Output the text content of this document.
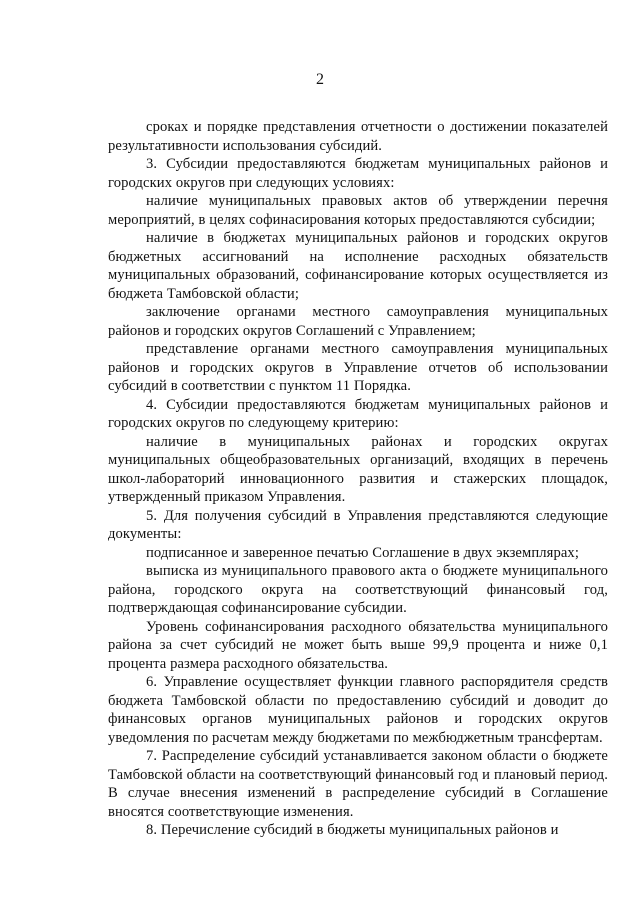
2

сроках и порядке представления отчетности о достижении показателей результативности использования субсидий.

3. Субсидии предоставляются бюджетам муниципальных районов и городских округов при следующих условиях:

наличие муниципальных правовых актов об утверждении перечня мероприятий, в целях софинасирования которых предоставляются субсидии;

наличие в бюджетах муниципальных районов и городских округов бюджетных ассигнований на исполнение расходных обязательств муниципальных образований, софинансирование которых осуществляется из бюджета Тамбовской области;

заключение органами местного самоуправления муниципальных районов и городских округов Соглашений с Управлением;

представление органами местного самоуправления муниципальных районов и городских округов в Управление отчетов об использовании субсидий в соответствии с пунктом 11 Порядка.

4. Субсидии предоставляются бюджетам муниципальных районов и городских округов по следующему критерию:

наличие в муниципальных районах и городских округах муниципальных общеобразовательных организаций, входящих в перечень школ-лабораторий инновационного развития и стажерских площадок, утвержденный приказом Управления.

5. Для получения субсидий в Управления представляются следующие документы:

подписанное и заверенное печатью Соглашение в двух экземплярах;

выписка из муниципального правового акта о бюджете муниципального района, городского округа на соответствующий финансовый год, подтверждающая софинансирование субсидии.

Уровень софинансирования расходного обязательства муниципального района за счет субсидий не может быть выше 99,9 процента и ниже 0,1 процента размера расходного обязательства.

6. Управление осуществляет функции главного распорядителя средств бюджета Тамбовской области по предоставлению субсидий и доводит до финансовых органов муниципальных районов и городских округов уведомления по расчетам между бюджетами по межбюджетным трансфертам.

7. Распределение субсидий устанавливается законом области о бюджете Тамбовской области на соответствующий финансовый год и плановый период. В случае внесения изменений в распределение субсидий в Соглашение вносятся соответствующие изменения.

8. Перечисление субсидий в бюджеты муниципальных районов и
